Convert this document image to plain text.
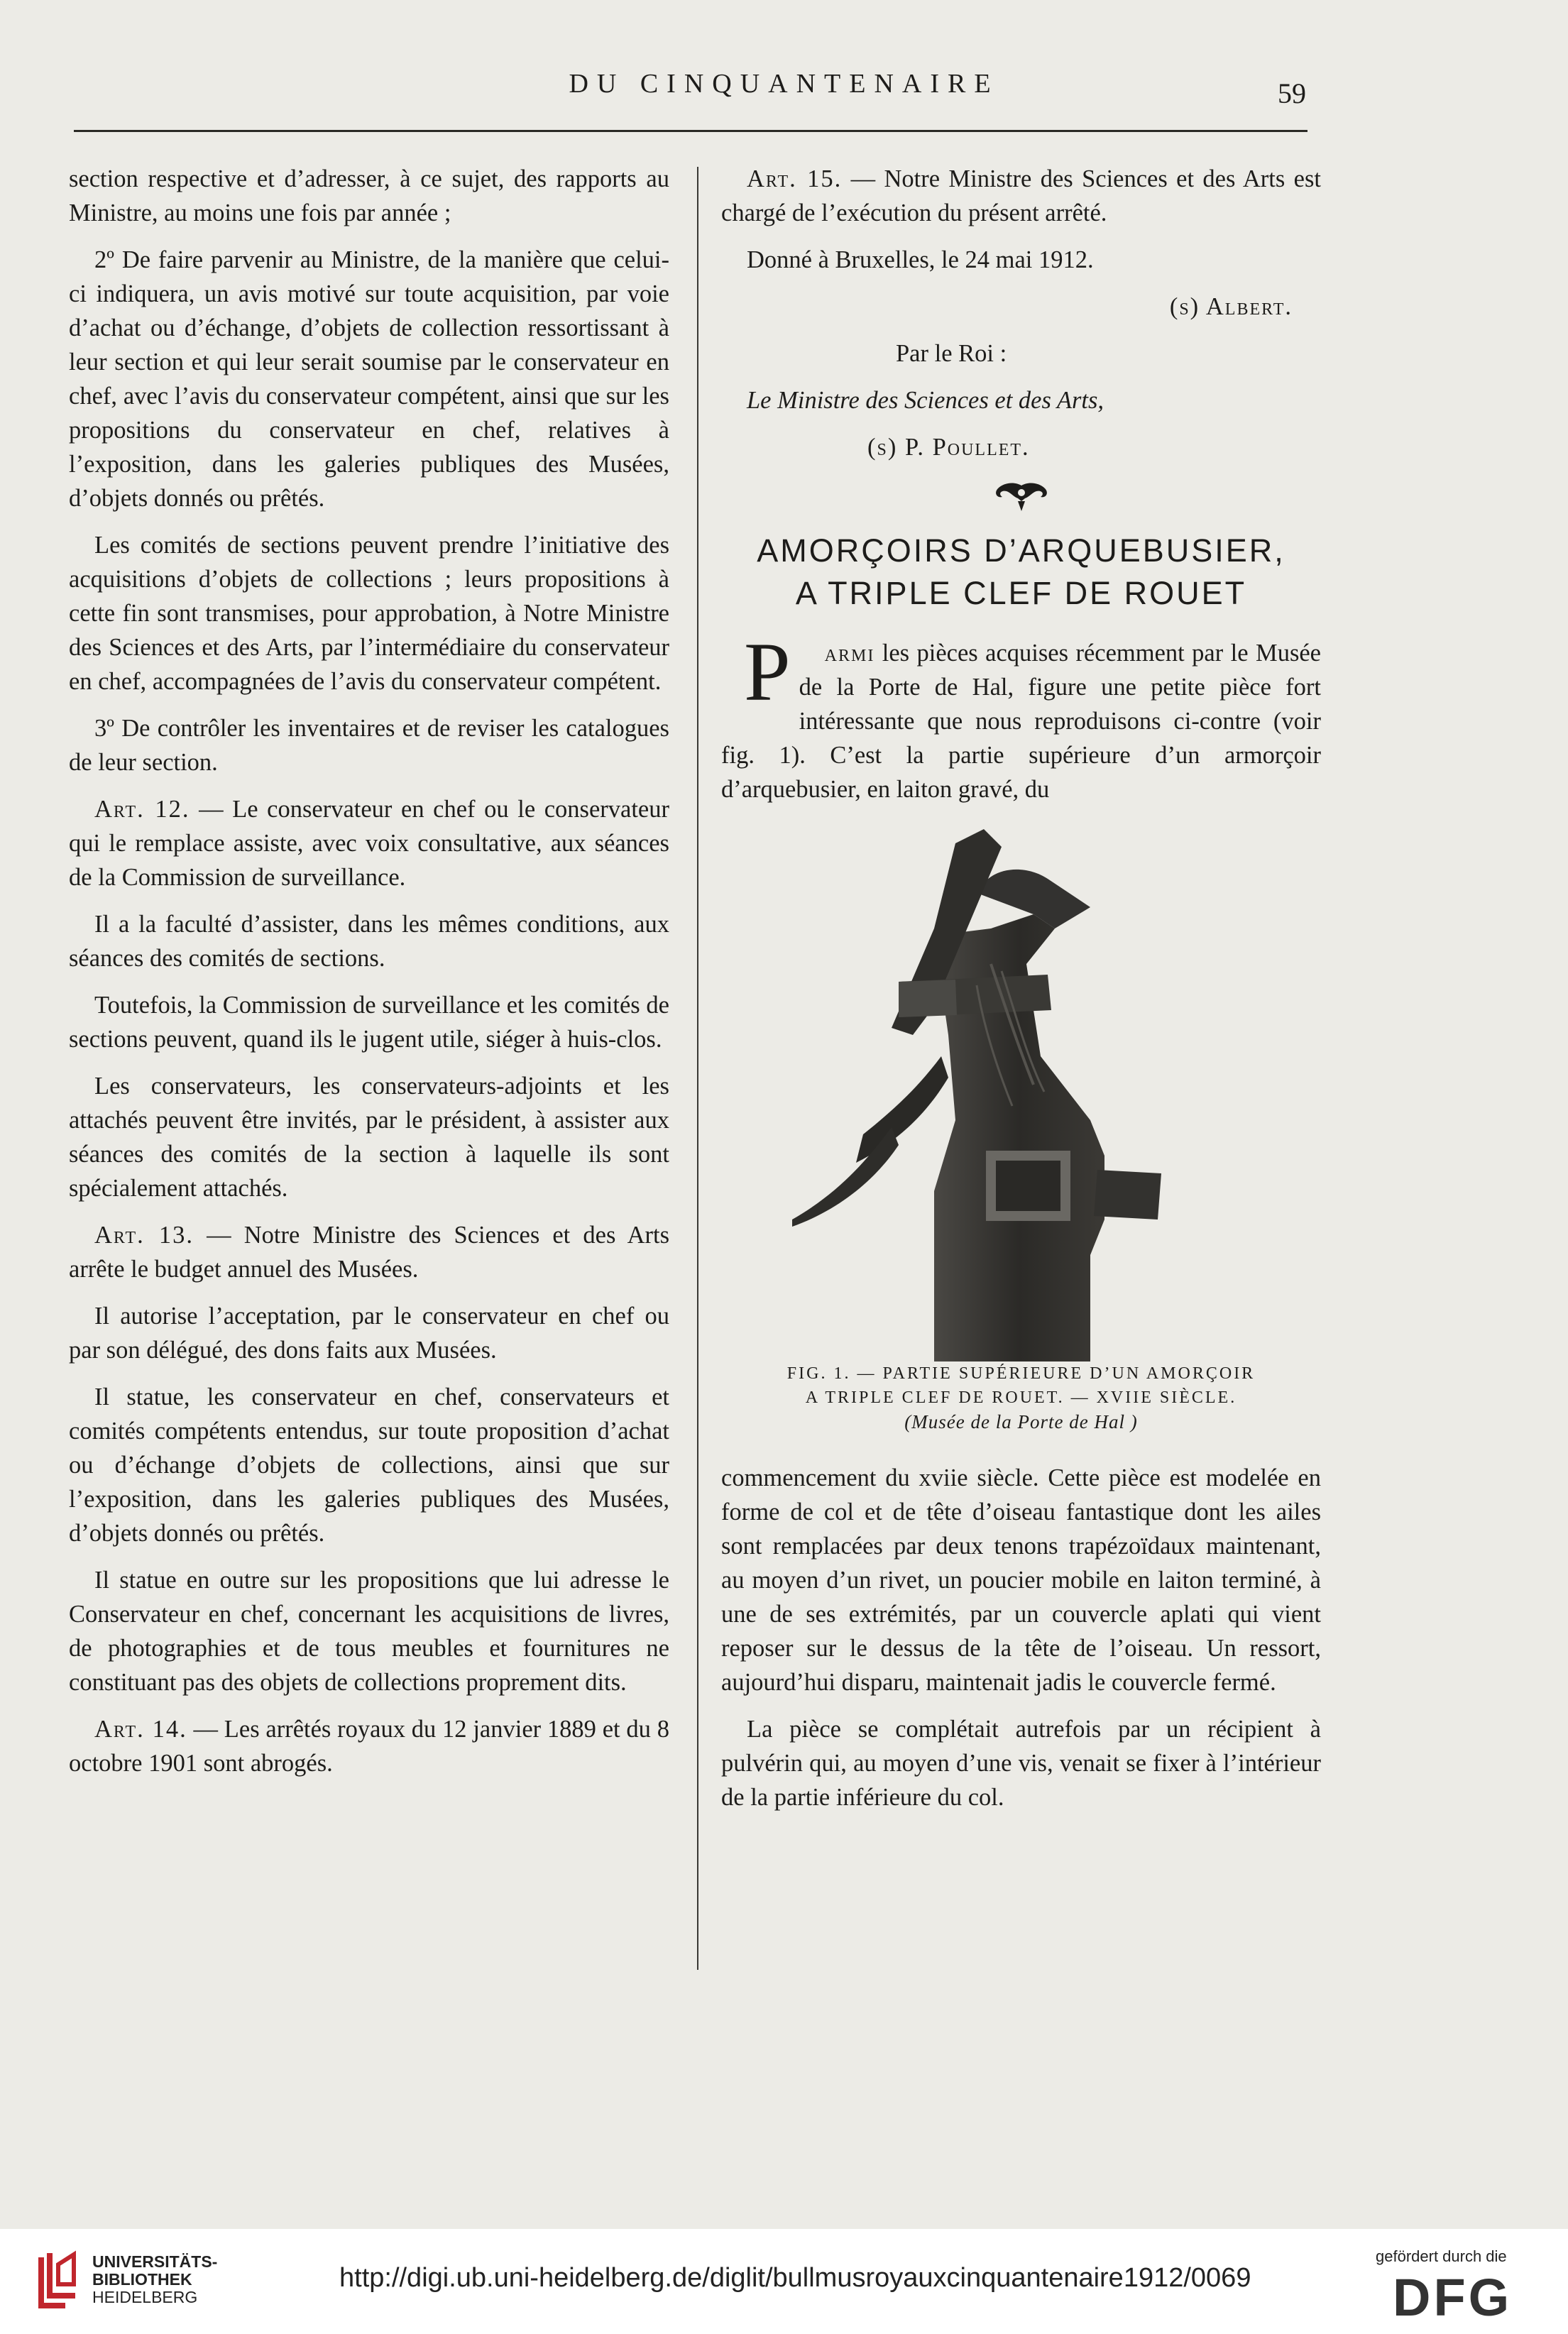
DU CINQUANTENAIRE	59

section respective et d’adresser, à ce sujet, des rapports au Ministre, au moins une fois par année ;

2º De faire parvenir au Ministre, de la manière que celui-ci indiquera, un avis motivé sur toute acquisition, par voie d’achat ou d’échange, d’objets de collection ressortissant à leur section et qui leur serait soumise par le conservateur en chef, avec l’avis du conservateur compétent, ainsi que sur les propositions du conservateur en chef, relatives à l’exposition, dans les galeries publiques des Musées, d’objets donnés ou prêtés.

Les comités de sections peuvent prendre l’initiative des acquisitions d’objets de collections ; leurs propositions à cette fin sont transmises, pour approbation, à Notre Ministre des Sciences et des Arts, par l’intermédiaire du conservateur en chef, accompagnées de l’avis du conservateur compétent.

3º De contrôler les inventaires et de reviser les catalogues de leur section.

Art. 12. — Le conservateur en chef ou le conservateur qui le remplace assiste, avec voix consultative, aux séances de la Commission de surveillance.

Il a la faculté d’assister, dans les mêmes conditions, aux séances des comités de sections.

Toutefois, la Commission de surveillance et les comités de sections peuvent, quand ils le jugent utile, siéger à huis-clos.

Les conservateurs, les conservateurs-adjoints et les attachés peuvent être invités, par le président, à assister aux séances des comités de la section à laquelle ils sont spécialement attachés.

Art. 13. — Notre Ministre des Sciences et des Arts arrête le budget annuel des Musées.

Il autorise l’acceptation, par le conservateur en chef ou par son délégué, des dons faits aux Musées.

Il statue, les conservateur en chef, conservateurs et comités compétents entendus, sur toute proposition d’achat ou d’échange d’objets de collections, ainsi que sur l’exposition, dans les galeries publiques des Musées, d’objets donnés ou prêtés.

Il statue en outre sur les propositions que lui adresse le Conservateur en chef, concernant les acquisitions de livres, de photographies et de tous meubles et fournitures ne constituant pas des objets de collections proprement dits.

Art. 14. — Les arrêtés royaux du 12 janvier 1889 et du 8 octobre 1901 sont abrogés.

Art. 15. — Notre Ministre des Sciences et des Arts est chargé de l’exécution du présent arrêté.

Donné à Bruxelles, le 24 mai 1912.

(s) Albert.

Par le Roi :

Le Ministre des Sciences et des Arts,

(s) P. Poullet.

AMORÇOIRS D’ARQUEBUSIER,
A TRIPLE CLEF DE ROUET

P armi les pièces acquises récemment par le Musée de la Porte de Hal, figure une petite pièce fort intéressante que nous reproduisons ci-contre (voir fig. 1). C’est la partie supérieure d’un armorçoir d’arquebusier, en laiton gravé, du

FIG. 1. — PARTIE SUPÉRIEURE D’UN AMORÇOIR
A TRIPLE CLEF DE ROUET. — XVIIE SIÈCLE.
(Musée de la Porte de Hal )

commencement du xviie siècle. Cette pièce est modelée en forme de col et de tête d’oiseau fantastique dont les ailes sont remplacées par deux tenons trapézoïdaux maintenant, au moyen d’un rivet, un poucier mobile en laiton terminé, à une de ses extrémités, par un couvercle aplati qui vient reposer sur le dessus de la tête de l’oiseau. Un ressort, aujourd’hui disparu, maintenait jadis le couvercle fermé.

La pièce se complétait autrefois par un récipient à pulvérin qui, au moyen d’une vis, venait se fixer à l’intérieur de la partie inférieure du col.

UNIVERSITÄTS-
BIBLIOTHEK
HEIDELBERG
http://digi.ub.uni-heidelberg.de/diglit/bullmusroyauxcinquantenaire1912/0069
gefördert durch die
DFG
